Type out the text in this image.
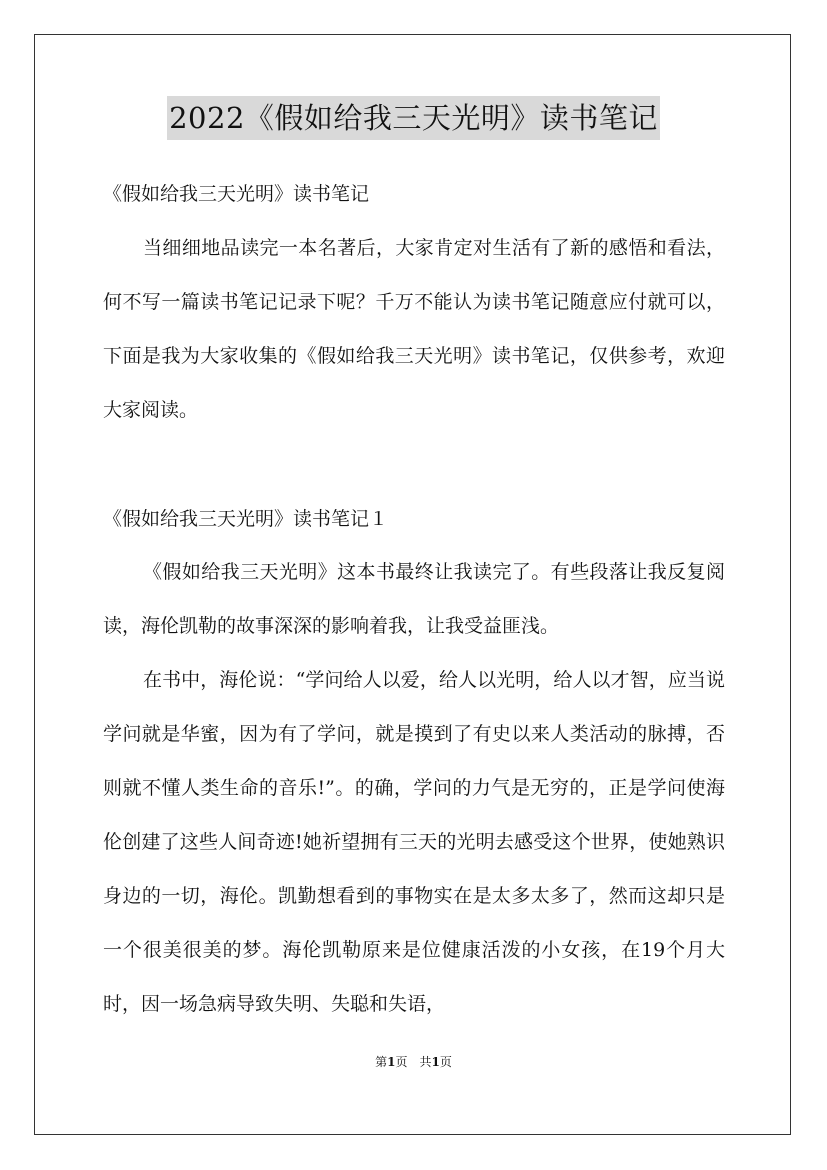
2022《假如给我三天光明》读书笔记
《假如给我三天光明》读书笔记

当细细地品读完一本名著后，大家肯定对生活有了新的感悟和看法，何不写一篇读书笔记记录下呢？千万不能认为读书笔记随意应付就可以，下面是我为大家收集的《假如给我三天光明》读书笔记，仅供参考，欢迎大家阅读。

《假如给我三天光明》读书笔记１

《假如给我三天光明》这本书最终让我读完了。有些段落让我反复阅读，海伦凯勒的故事深深的影响着我，让我受益匪浅。

在书中，海伦说：“学问给人以爱，给人以光明，给人以才智，应当说学问就是华蜜，因为有了学问，就是摸到了有史以来人类活动的脉搏，否则就不懂人类生命的音乐!”。的确，学问的力气是无穷的，正是学问使海伦创建了这些人间奇迹!她祈望拥有三天的光明去感受这个世界，使她熟识身边的一切，海伦。凯勤想看到的事物实在是太多太多了，然而这却只是一个很美很美的梦。海伦凯勒原来是位健康活泼的小女孩，在19个月大时，因一场急病导致失明、失聪和失语，

第1页　共1页
